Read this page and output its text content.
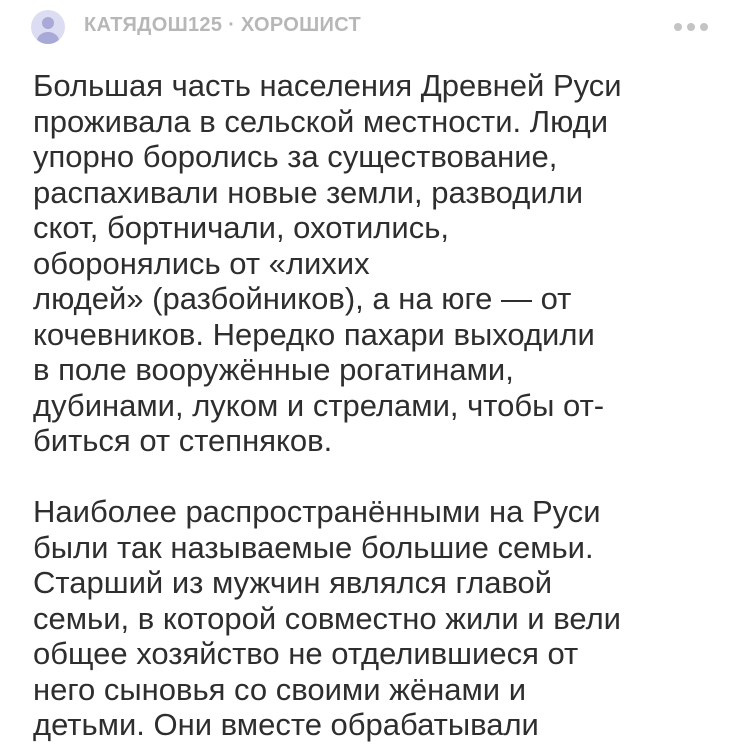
КАТЯДОШ125 · ХОРОШИСТ

Большая часть населения Древней Руси
проживала в сельской местности. Люди
упорно боролись за существование,
распахивали новые земли, разводили
скот, бортничали, охотились,
оборонялись от «лихих
людей» (разбойников), а на юге — от
кочевников. Нередко пахари выходили
в поле вооружённые рогатинами,
дубинами, луком и стрелами, чтобы от-
биться от степняков.

Наиболее распространёнными на Руси
были так называемые большие семьи.
Старший из мужчин являлся главой
семьи, в которой совместно жили и вели
общее хозяйство не отделившиеся от
него сыновья со своими жёнами и
детьми. Они вместе обрабатывали
